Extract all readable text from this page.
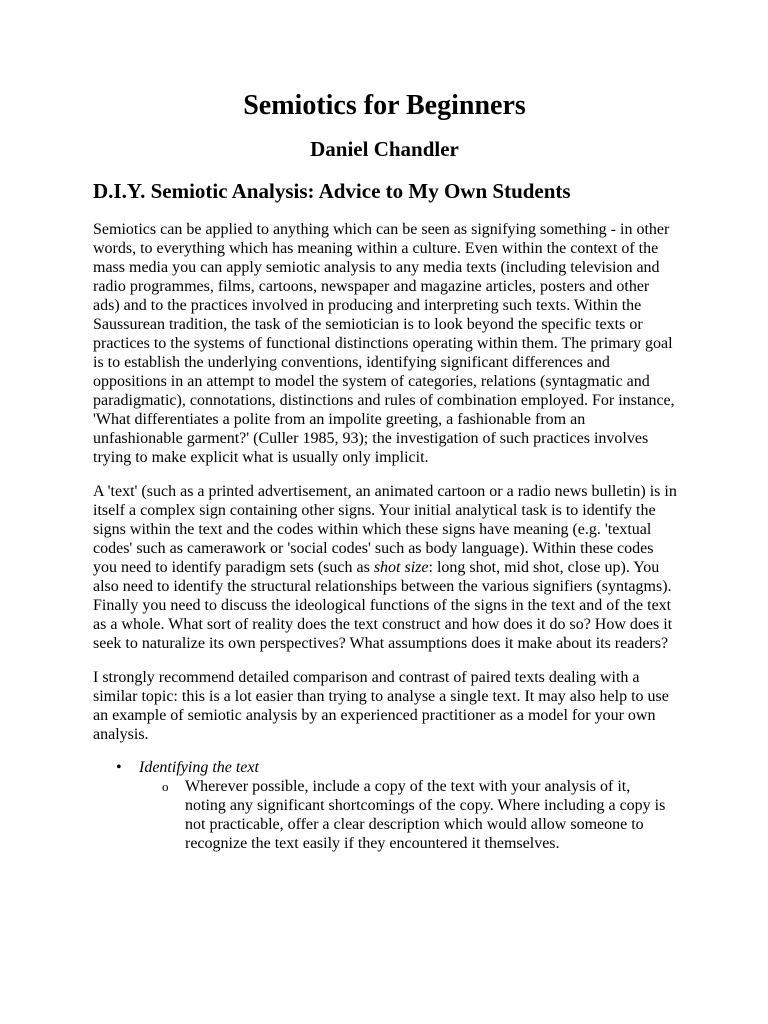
Semiotics for Beginners
Daniel Chandler
D.I.Y. Semiotic Analysis: Advice to My Own Students

Semiotics can be applied to anything which can be seen as signifying something - in other words, to everything which has meaning within a culture. Even within the context of the mass media you can apply semiotic analysis to any media texts (including television and radio programmes, films, cartoons, newspaper and magazine articles, posters and other ads) and to the practices involved in producing and interpreting such texts. Within the Saussurean tradition, the task of the semiotician is to look beyond the specific texts or practices to the systems of functional distinctions operating within them. The primary goal is to establish the underlying conventions, identifying significant differences and oppositions in an attempt to model the system of categories, relations (syntagmatic and paradigmatic), connotations, distinctions and rules of combination employed. For instance, 'What differentiates a polite from an impolite greeting, a fashionable from an unfashionable garment?' (Culler 1985, 93); the investigation of such practices involves trying to make explicit what is usually only implicit.

A 'text' (such as a printed advertisement, an animated cartoon or a radio news bulletin) is in itself a complex sign containing other signs. Your initial analytical task is to identify the signs within the text and the codes within which these signs have meaning (e.g. 'textual codes' such as camerawork or 'social codes' such as body language). Within these codes you need to identify paradigm sets (such as shot size: long shot, mid shot, close up). You also need to identify the structural relationships between the various signifiers (syntagms). Finally you need to discuss the ideological functions of the signs in the text and of the text as a whole. What sort of reality does the text construct and how does it do so? How does it seek to naturalize its own perspectives? What assumptions does it make about its readers?

I strongly recommend detailed comparison and contrast of paired texts dealing with a similar topic: this is a lot easier than trying to analyse a single text. It may also help to use an example of semiotic analysis by an experienced practitioner as a model for your own analysis.

• Identifying the text
o Wherever possible, include a copy of the text with your analysis of it, noting any significant shortcomings of the copy. Where including a copy is not practicable, offer a clear description which would allow someone to recognize the text easily if they encountered it themselves.
